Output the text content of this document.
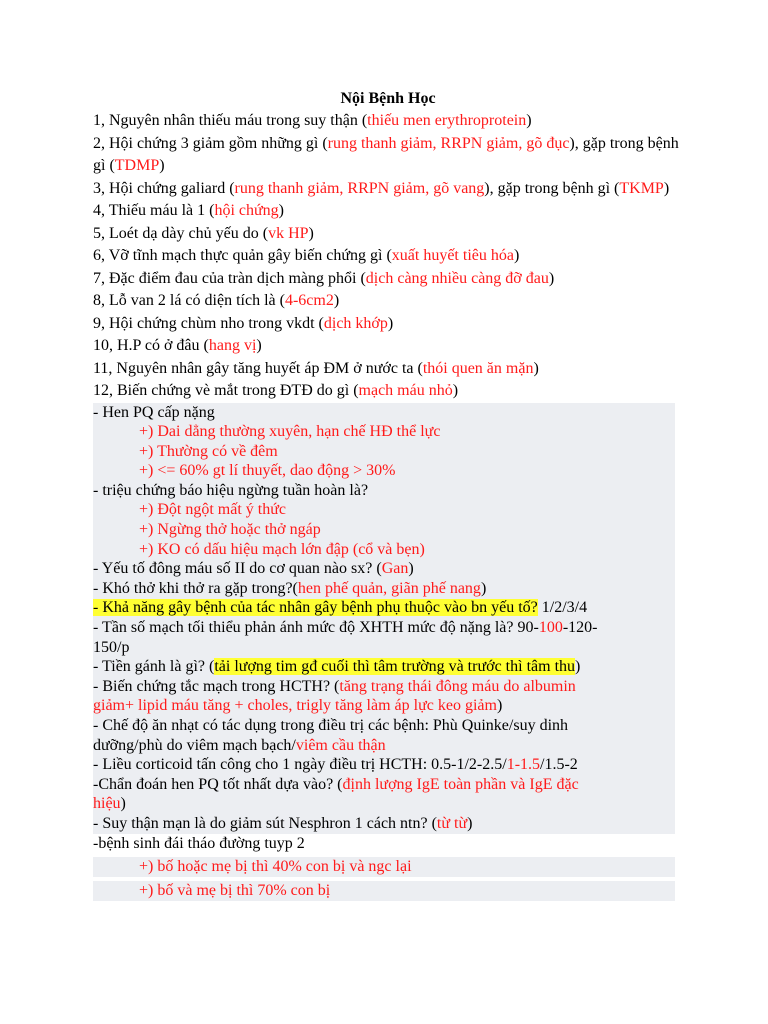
Nội Bệnh Học
1, Nguyên nhân thiếu máu trong suy thận (thiếu men erythroprotein)
2, Hội chứng 3 giảm gồm những gì (rung thanh giảm, RRPN giảm, gõ đục), gặp trong bệnh gì (TDMP)
3, Hội chứng galiard (rung thanh giảm, RRPN giảm, gõ vang), gặp trong bệnh gì (TKMP)
4, Thiếu máu là 1 (hội chứng)
5, Loét dạ dày chủ yếu do (vk HP)
6, Vỡ tĩnh mạch thực quản gây biến chứng gì (xuất huyết tiêu hóa)
7, Đặc điểm đau của tràn dịch màng phổi (dịch càng nhiều càng đỡ đau)
8, Lỗ van 2 lá có diện tích là (4-6cm2)
9, Hội chứng chùm nho trong vkdt (dịch khớp)
10, H.P có ở đâu (hang vị)
11, Nguyên nhân gây tăng huyết áp ĐM ở nước ta (thói quen ăn mặn)
12, Biến chứng vè mắt trong ĐTĐ do gì (mạch máu nhỏ)
- Hen PQ cấp nặng
+) Dai dẳng thường xuyên, hạn chế HĐ thể lực
+) Thường có về đêm
+) <= 60% gt lí thuyết, dao động > 30%
- triệu chứng báo hiệu ngừng tuần hoàn là?
+) Đột ngột mất ý thức
+) Ngừng thở hoặc thở ngáp
+) KO có dấu hiệu mạch lớn đập (cổ và bẹn)
- Yếu tố đông máu số II do cơ quan nào sx? (Gan)
- Khó thở khi thở ra gặp trong?(hen phế quản, giãn phế nang)
- Khả năng gây bệnh của tác nhân gây bệnh phụ thuộc vào bn yếu tố? 1/2/3/4
- Tần số mạch tối thiểu phản ánh mức độ XHTH mức độ nặng là? 90-100-120-
150/p
- Tiền gánh là gì? (tải lượng tim gđ cuối thì tâm trường và trước thì tâm thu)
- Biến chứng tắc mạch trong HCTH? (tăng trạng thái đông máu do albumin
giảm+ lipid máu tăng + choles, trigly tăng làm áp lực keo giảm)
- Chế độ ăn nhạt có tác dụng trong điều trị các bệnh: Phù Quinke/suy dinh
dưỡng/phù do viêm mạch bạch/viêm cầu thận
- Liều corticoid tấn công cho 1 ngày điều trị HCTH: 0.5-1/2-2.5/1-1.5/1.5-2
-Chẩn đoán hen PQ tốt nhất dựa vào? (định lượng IgE toàn phần và IgE đặc
hiệu)
- Suy thận mạn là do giảm sút Nesphron 1 cách ntn? (từ từ)
-bệnh sinh đái tháo đường tuyp 2
+) bố hoặc mẹ bị thì 40% con bị và ngc lại
+) bố và mẹ bị thì 70% con bị
